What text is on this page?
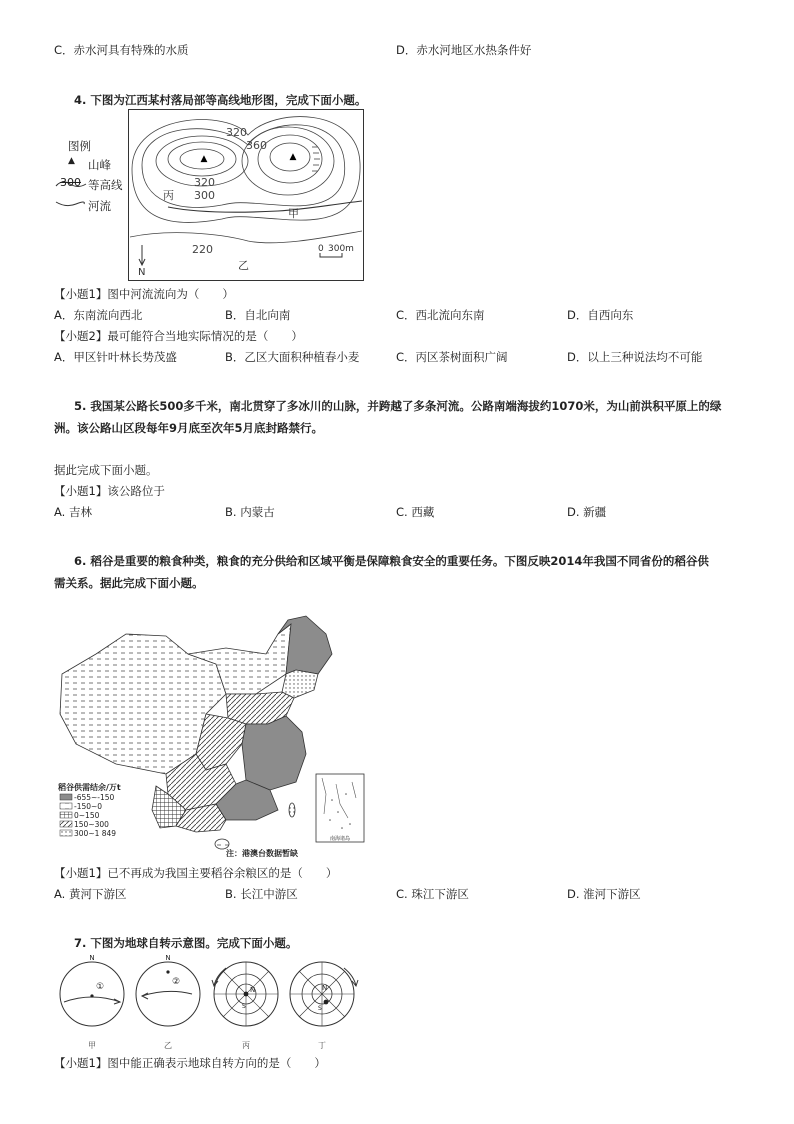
C．赤水河具有特殊的水质	D．赤水河地区水热条件好
4. 下图为江西某村落局部等高线地形图，完成下面小题。
图例
▲ 山峰
300 等高线
河流
▲	▲
320
360
320
300
220
丙
甲
乙
N
0 300m
【小题1】图中河流流向为（　　）
A．东南流向西北	B．自北向南	C．西北流向东南	D．自西向东
【小题2】最可能符合当地实际情况的是（　　）
A．甲区针叶林长势茂盛	B．乙区大面积种植春小麦	C．丙区茶树面积广阔	D．以上三种说法均不可能
5. 我国某公路长500多千米，南北贯穿了多冰川的山脉，并跨越了多条河流。公路南端海拔约1070米，为山前洪积平原上的绿
洲。该公路山区段每年9月底至次年5月底封路禁行。
据此完成下面小题。
【小题1】该公路位于
A. 吉林	B. 内蒙古	C. 西藏	D. 新疆
6. 稻谷是重要的粮食种类，粮食的充分供给和区域平衡是保障粮食安全的重要任务。下图反映2014年我国不同省份的稻谷供
需关系。据此完成下面小题。
稻谷供需结余/万t
-655~-150
-150~0
0~150
150~300
300~1 849
南海诸岛
注：港澳台数据暂缺
【小题1】已不再成为我国主要稻谷余粮区的是（　　）
A. 黄河下游区	B. 长江中游区	C. 珠江下游区	D. 淮河下游区
7. 下图为地球自转示意图。完成下面小题。
N
①
甲
N
②
乙
N
S
丙
N
S
丁
【小题1】图中能正确表示地球自转方向的是（　　）
